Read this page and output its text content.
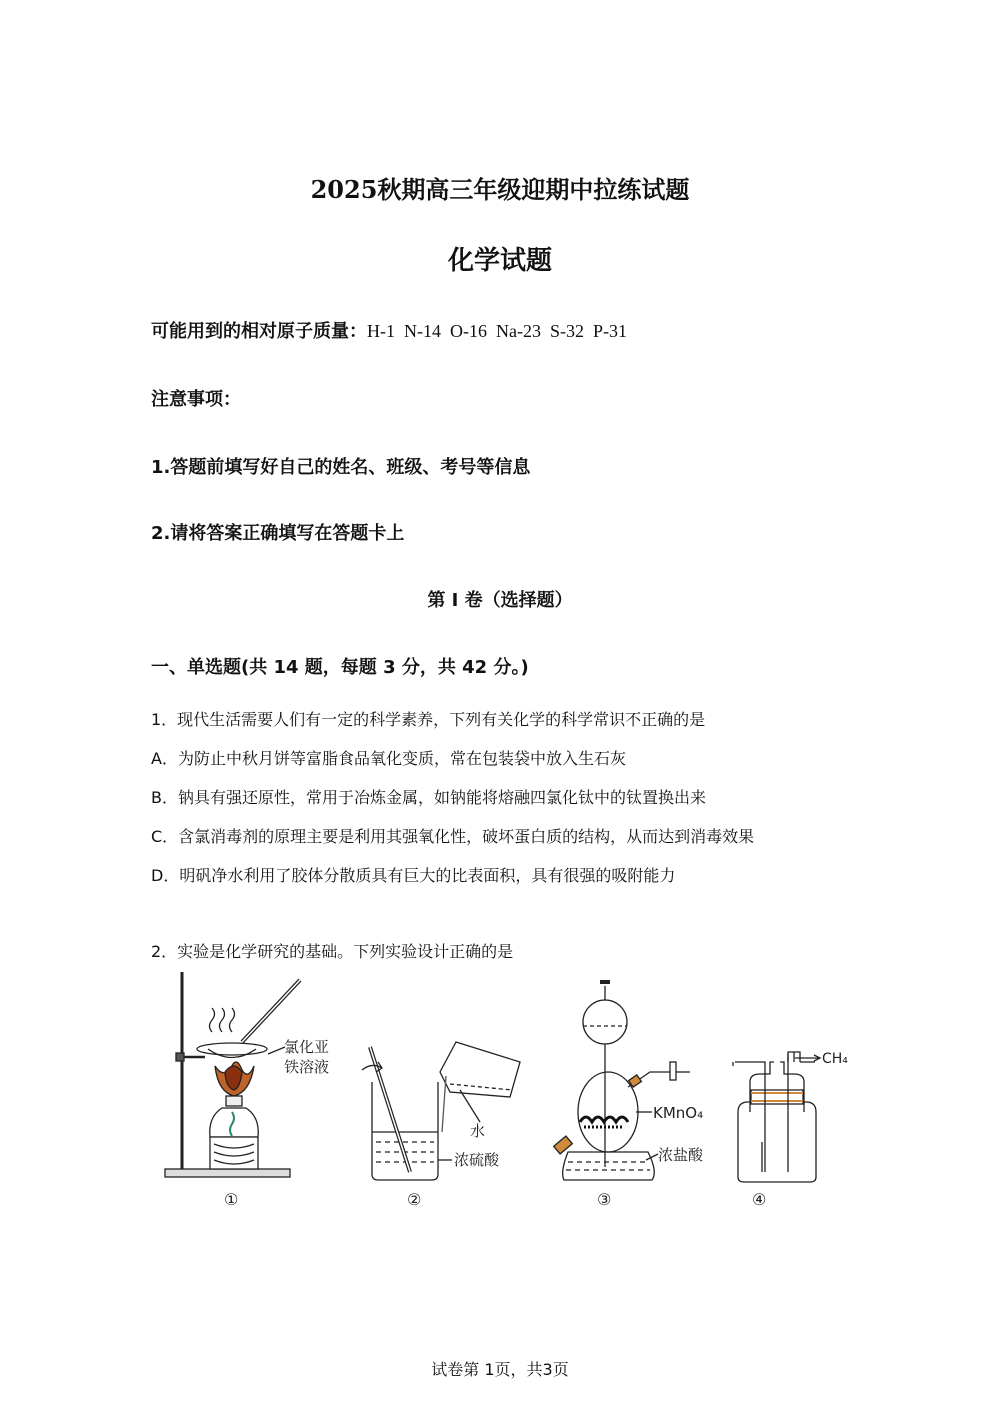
2025秋期高三年级迎期中拉练试题
化学试题
可能用到的相对原子质量：H-1  N-14  O-16  Na-23  S-32  P-31
注意事项：
1.答题前填写好自己的姓名、班级、考号等信息
2.请将答案正确填写在答题卡上
第 I 卷（选择题）
一、单选题(共 14 题，每题 3 分，共 42 分。)
1．现代生活需要人们有一定的科学素养，下列有关化学的科学常识不正确的是
A．为防止中秋月饼等富脂食品氧化变质，常在包装袋中放入生石灰
B．钠具有强还原性，常用于冶炼金属，如钠能将熔融四氯化钛中的钛置换出来
C．含氯消毒剂的原理主要是利用其强氧化性，破坏蛋白质的结构，从而达到消毒效果
D．明矾净水利用了胶体分散质具有巨大的比表面积，具有很强的吸附能力
2．实验是化学研究的基础。下列实验设计正确的是
氯化亚
铁溶液
①
水
浓硫酸
②
KMnO₄
浓盐酸
③
CH₄
④
试卷第 1页，共3页
